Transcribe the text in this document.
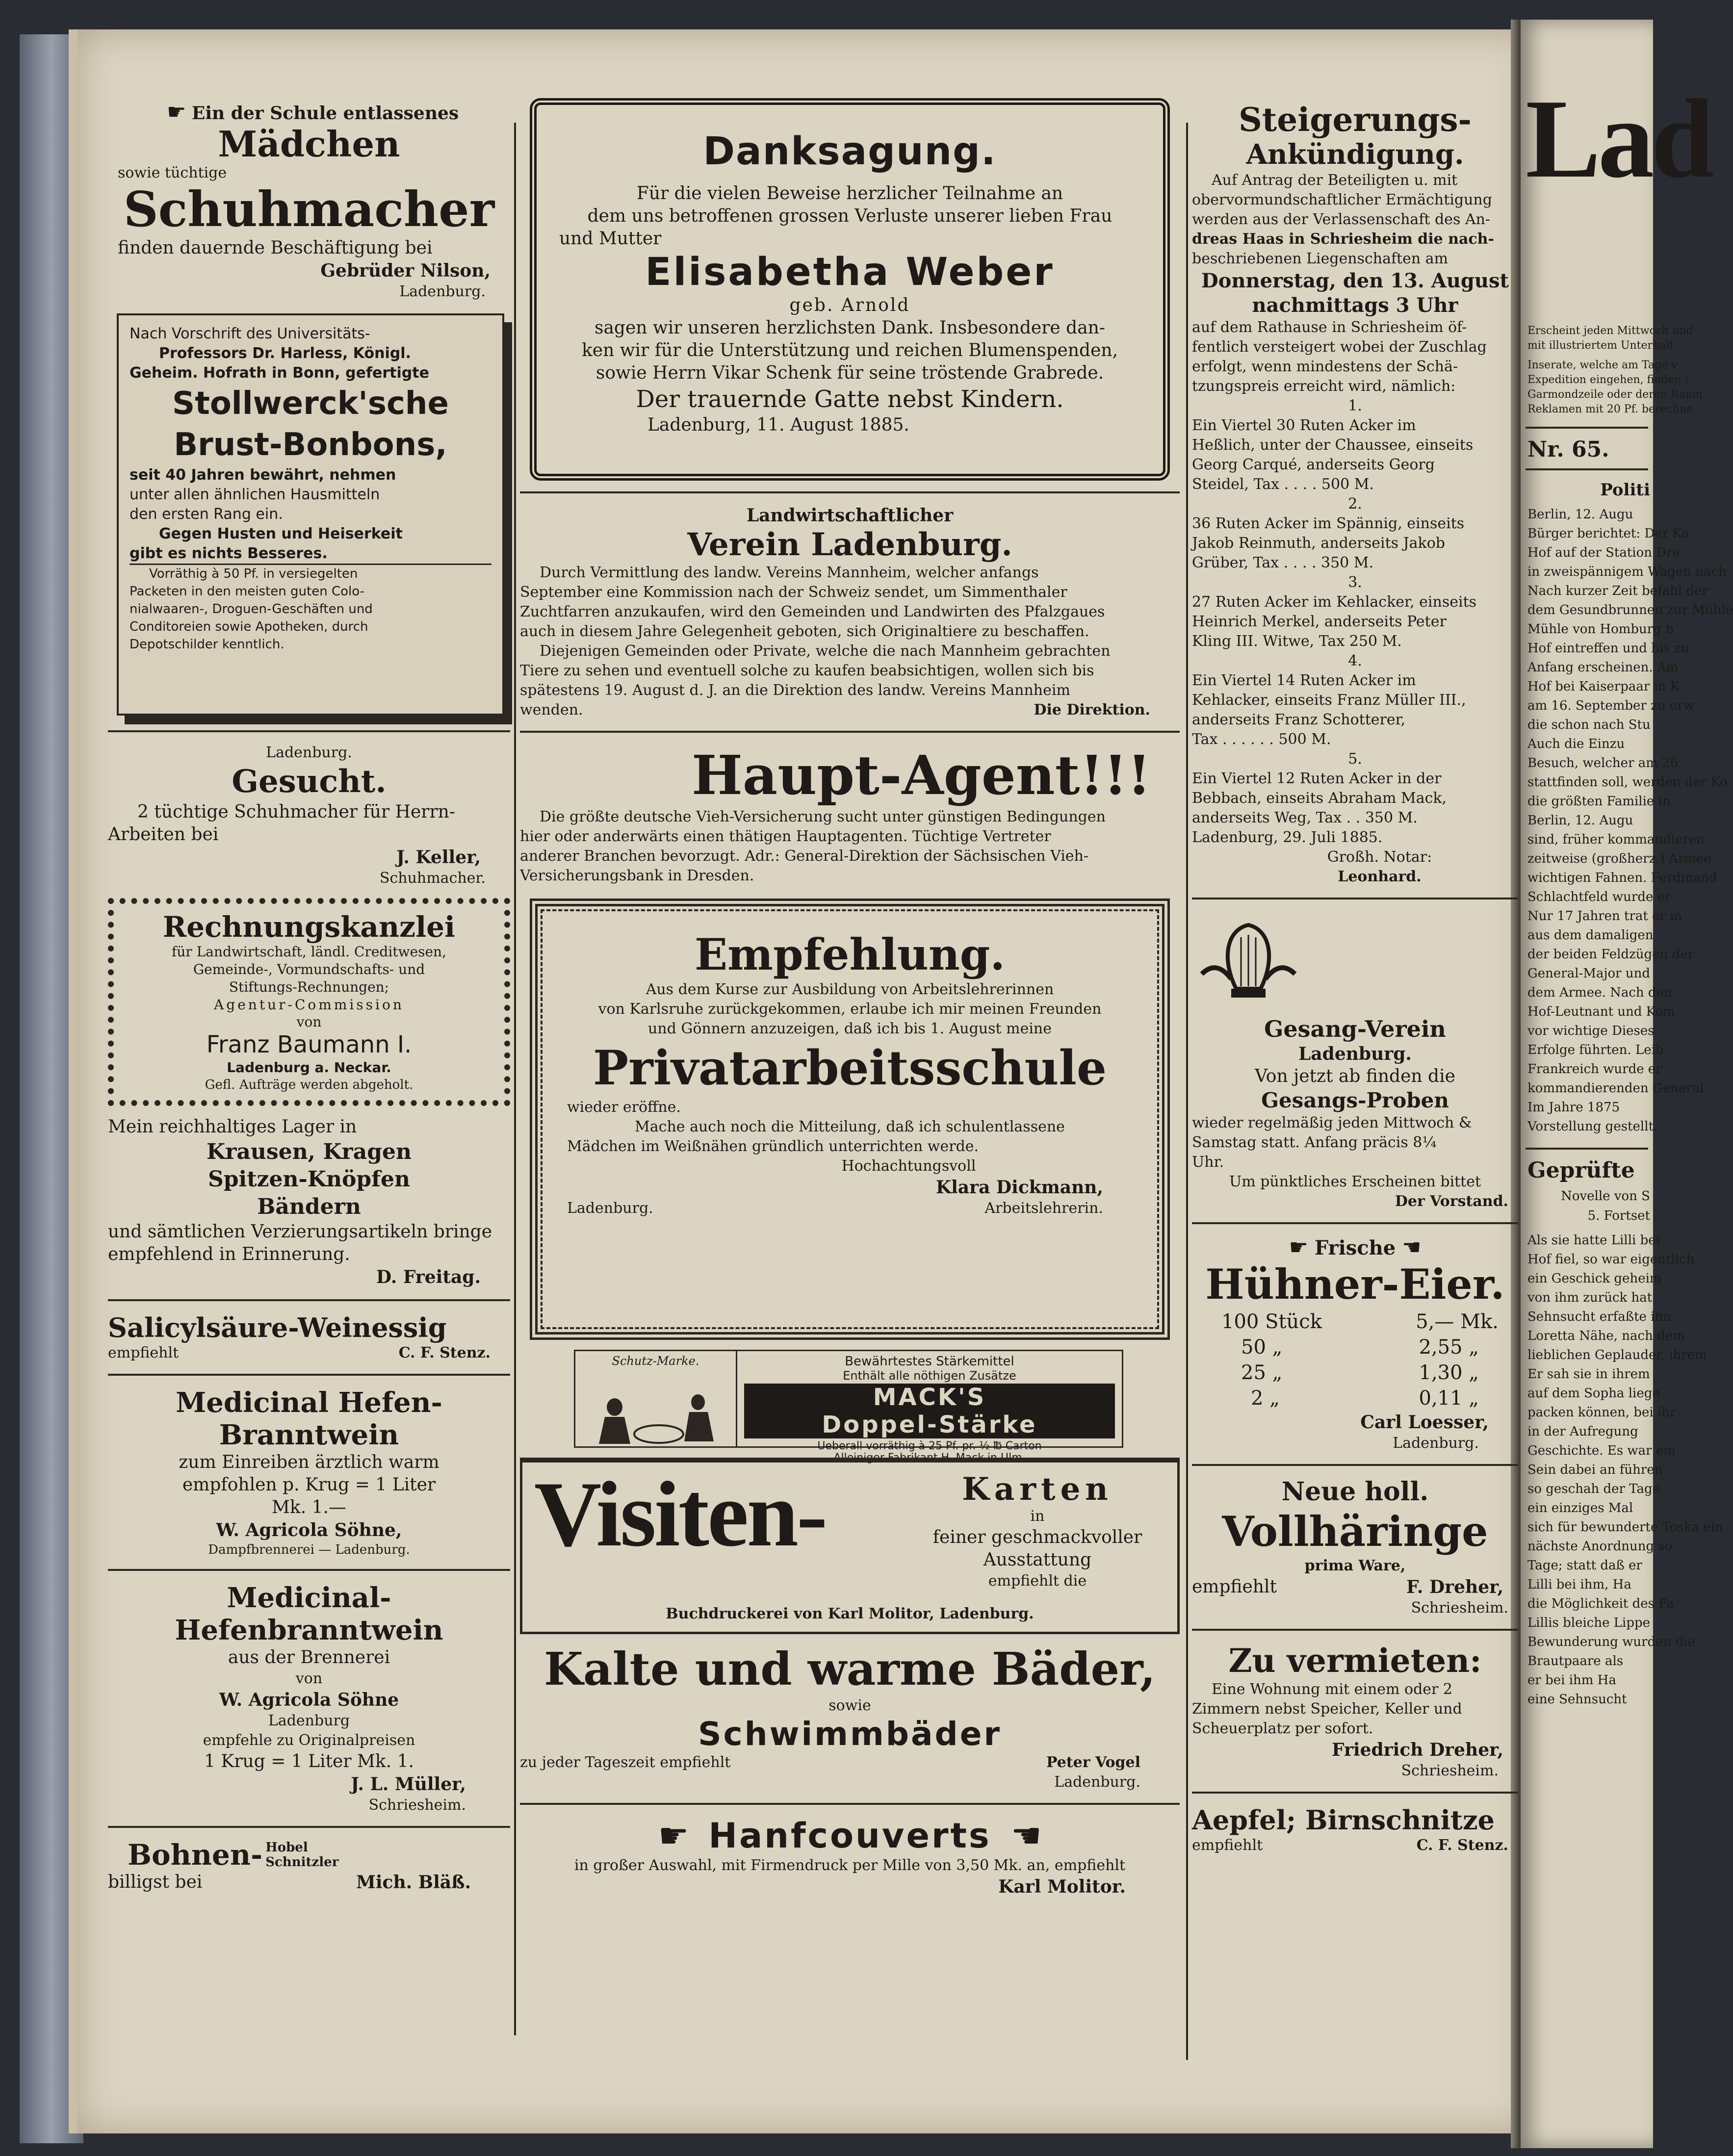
☛ Ein der Schule entlassenes
Mädchen
sowie tüchtige
Schuhmacher
finden dauernde Beschäftigung bei
Gebrüder Nilson,
Ladenburg.
Nach Vorschrift des Universitäts-
Professors Dr. Harless, Königl.
Geheim. Hofrath in Bonn, gefertigte
Stollwerck'sche
Brust-Bonbons,
seit 40 Jahren bewährt, nehmen
unter allen ähnlichen Hausmitteln
den ersten Rang ein.
Gegen Husten und Heiserkeit
gibt es nichts Besseres.
Vorräthig à 50 Pf. in versiegelten
Packeten in den meisten guten Colo-
nialwaaren-, Droguen-Geschäften und
Conditoreien sowie Apotheken, durch
Depotschilder kenntlich.
Ladenburg.
Gesucht.
2 tüchtige Schuhmacher für Herrn-
Arbeiten bei
J. Keller,
Schuhmacher.
Rechnungskanzlei
für Landwirtschaft, ländl. Creditwesen,
Gemeinde-, Vormundschafts- und
Stiftungs-Rechnungen;
Agentur-Commission
von
Franz Baumann I.
Ladenburg a. Neckar.
Gefl. Aufträge werden abgeholt.
Mein reichhaltiges Lager in
Krausen, Kragen
Spitzen-Knöpfen
Bändern
und sämtlichen Verzierungsartikeln bringe
empfehlend in Erinnerung.
D. Freitag.
Salicylsäure-Weinessig
empfiehlt	C. F. Stenz.
Medicinal Hefen-
Branntwein
zum Einreiben ärztlich warm
empfohlen p. Krug = 1 Liter
Mk. 1.—
W. Agricola Söhne,
Dampfbrennerei — Ladenburg.
Medicinal-
Hefenbranntwein
aus der Brennerei
von
W. Agricola Söhne
Ladenburg
empfehle zu Originalpreisen
1 Krug = 1 Liter Mk. 1.
J. L. Müller,
Schriesheim.
Bohnen- Hobel
Schnitzler
billigst bei	Mich. Bläß.
Danksagung.
Für die vielen Beweise herzlicher Teilnahme an
dem uns betroffenen grossen Verluste unserer lieben Frau
und Mutter
Elisabetha Weber
geb. Arnold
sagen wir unseren herzlichsten Dank. Insbesondere dan-
ken wir für die Unterstützung und reichen Blumenspenden,
sowie Herrn Vikar Schenk für seine tröstende Grabrede.
Der trauernde Gatte nebst Kindern.
Ladenburg, 11. August 1885.
Landwirtschaftlicher
Verein Ladenburg.
Durch Vermittlung des landw. Vereins Mannheim, welcher anfangs
September eine Kommission nach der Schweiz sendet, um Simmenthaler
Zuchtfarren anzukaufen, wird den Gemeinden und Landwirten des Pfalzgaues
auch in diesem Jahre Gelegenheit geboten, sich Originaltiere zu beschaffen.
Diejenigen Gemeinden oder Private, welche die nach Mannheim gebrachten
Tiere zu sehen und eventuell solche zu kaufen beabsichtigen, wollen sich bis
spätestens 19. August d. J. an die Direktion des landw. Vereins Mannheim
wenden.	Die Direktion.
Haupt-Agent!!!
Die größte deutsche Vieh-Versicherung sucht unter günstigen Bedingungen
hier oder anderwärts einen thätigen Hauptagenten. Tüchtige Vertreter
anderer Branchen bevorzugt. Adr.: General-Direktion der Sächsischen Vieh-
Versicherungsbank in Dresden.
Empfehlung.
Aus dem Kurse zur Ausbildung von Arbeitslehrerinnen
von Karlsruhe zurückgekommen, erlaube ich mir meinen Freunden
und Gönnern anzuzeigen, daß ich bis 1. August meine
Privatarbeitsschule
wieder eröffne.
Mache auch noch die Mitteilung, daß ich schulentlassene
Mädchen im Weißnähen gründlich unterrichten werde.
Hochachtungsvoll
Klara Dickmann,
Ladenburg.	Arbeitslehrerin.
Schutz-Marke.	Bewährtestes Stärkemittel
Enthält alle nöthigen Zusätze
MACK'S
Doppel-Stärke
Ueberall vorräthig à 25 Pf. pr. ½ ℔ Carton
Alleiniger Fabrikant H. Mack in Ulm.
Visiten-	Karten
in
feiner geschmackvoller
Ausstattung
empfiehlt die
Buchdruckerei von Karl Molitor, Ladenburg.
Kalte und warme Bäder,
sowie
Schwimmbäder
zu jeder Tageszeit empfiehlt	Peter Vogel
Ladenburg.
☛ Hanfcouverts ☛
in großer Auswahl, mit Firmendruck per Mille von 3,50 Mk. an, empfiehlt
Karl Molitor.
Steigerungs-
Ankündigung.
Auf Antrag der Beteiligten u. mit
obervormundschaftlicher Ermächtigung
werden aus der Verlassenschaft des An-
dreas Haas in Schriesheim die nach-
beschriebenen Liegenschaften am
Donnerstag, den 13. August
nachmittags 3 Uhr
auf dem Rathause in Schriesheim öf-
fentlich versteigert wobei der Zuschlag
erfolgt, wenn mindestens der Schä-
tzungspreis erreicht wird, nämlich:
1.
Ein Viertel 30 Ruten Acker im
Heßlich, unter der Chaussee, einseits
Georg Carqué, anderseits Georg
Steidel, Tax . . . . 500 M.
2.
36 Ruten Acker im Spännig, einseits
Jakob Reinmuth, anderseits Jakob
Grüber, Tax . . . . 350 M.
3.
27 Ruten Acker im Kehlacker, einseits
Heinrich Merkel, anderseits Peter
Kling III. Witwe, Tax 250 M.
4.
Ein Viertel 14 Ruten Acker im
Kehlacker, einseits Franz Müller III.,
anderseits Franz Schotterer,
Tax . . . . . . 500 M.
5.
Ein Viertel 12 Ruten Acker in der
Bebbach, einseits Abraham Mack,
anderseits Weg, Tax . . 350 M.
Ladenburg, 29. Juli 1885.
Großh. Notar:
Leonhard.
Gesang-Verein
Ladenburg.
Von jetzt ab finden die
Gesangs-Proben
wieder regelmäßig jeden Mittwoch &
Samstag statt. Anfang präcis 8¼
Uhr.
Um pünktliches Erscheinen bittet
Der Vorstand.
☛ Frische ☛
Hühner-Eier.
100 Stück	5,— Mk.
50 „	2,55 „
25 „	1,30 „
2 „	0,11 „
Carl Loesser,
Ladenburg.
Neue holl.
Vollhäringe
prima Ware,
empfiehlt	F. Dreher,
Schriesheim.
Zu vermieten:
Eine Wohnung mit einem oder 2
Zimmern nebst Speicher, Keller und
Scheuerplatz per sofort.
Friedrich Dreher,
Schriesheim.
Aepfel; Birnschnitze
empfiehlt	C. F. Stenz.
Lad
Erscheint jeden Mittwoch und
mit illustriertem Unterhalt
Inserate, welche am Tage v
Expedition eingehen, finden i
Garmondzeile oder deren Raum
Reklamen mit 20 Pf. berechne
Nr. 65.
Politi
Geprüfte
Novelle von S
5. Fortset
Berlin, 12. Augu
Bürger berichtet: Der Ko
Hof auf der Station Dre
in zweispännigem Wagen nach
Nach kurzer Zeit befahl der
dem Gesundbrunnen zur Mühle
Mühle von Homburg b
Hof eintreffen und bis zu
Anfang erscheinen. Am
Hof bei Kaiserpaar in K
am 16. September zu erw
die schon nach Stu
Auch die Einzu
Besuch, welcher am 26.
stattfinden soll, werden der Ko
die größten Familie in
Berlin, 12. Augu
sind, früher kommandieren
zeitweise (großherz.) Armee
wichtigen Fahnen. Ferdinand
Schlachtfeld wurde er
Nur 17 Jahren trat er in
aus dem damaligen
der beiden Feldzügen der
General-Major und
dem Armee. Nach den
Hof-Leutnant und Kom
vor wichtige Dieses
Erfolge führten. Leib
Frankreich wurde er
kommandierenden General
Im Jahre 1875
Vorstellung gestellt.
Als sie hatte Lilli bei
Hof fiel, so war eigentlich
ein Geschick geheim
von ihm zurück hat
Sehnsucht erfaßte ihn
Loretta Nähe, nach dem
lieblichen Geplauder, ihrem
Er sah sie in ihrem
auf dem Sopha liege
packen können, bei ihr
in der Aufregung
Geschichte. Es war ein
Sein dabei an führen
so geschah der Tage
ein einziges Mal
sich für bewunderte Toska ein
nächste Anordnung so
Tage; statt daß er
Lilli bei ihm, Ha
die Möglichkeit des Fa
Lillis bleiche Lippe
Bewunderung wurden die
Brautpaare als
er bei ihm Ha
eine Sehnsucht
